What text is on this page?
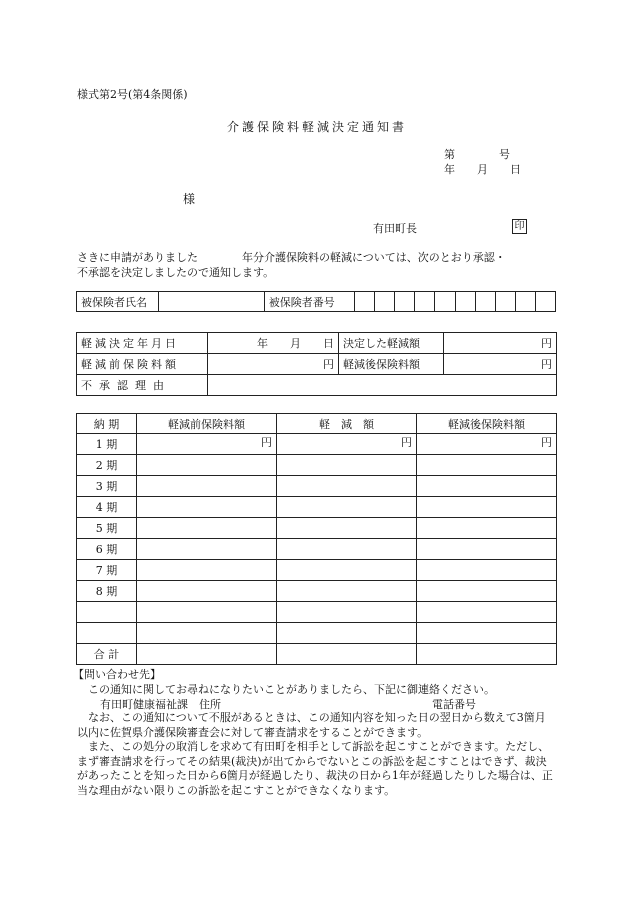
様式第2号(第4条関係)
介護保険料軽減決定通知書
第　　　　号
年　　月　　日
様
有田町長	印
さきに申請がありました　　　　年分介護保険料の軽減については、次のとおり承認・
不承認を決定しましたので通知します。
被保険者氏名		被保険者番号										
軽減決定年月日	年　　月　　日	決定した軽減額	円
軽減前保険料額	円	軽減後保険料額	円
不承認理由			
納 期	軽減前保険料額	軽　減　額	軽減後保険料額
1 期	円	円	円
2 期			
3 期			
4 期			
5 期			
6 期			
7 期			
8 期			

合 計			
【問い合わせ先】
この通知に関してお尋ねになりたいことがありましたら、下記に御連絡ください。
有田町健康福祉課　住所	電話番号

　なお、この通知について不服があるときは、この通知内容を知った日の翌日から数えて3箇月以内に佐賀県介護保険審査会に対して審査請求をすることができます。

　また、この処分の取消しを求めて有田町を相手として訴訟を起こすことができます。ただし、まず審査請求を行ってその結果(裁決)が出てからでないとこの訴訟を起こすことはできず、裁決があったことを知った日から6箇月が経過したり、裁決の日から1年が経過したりした場合は、正当な理由がない限りこの訴訟を起こすことができなくなります。
